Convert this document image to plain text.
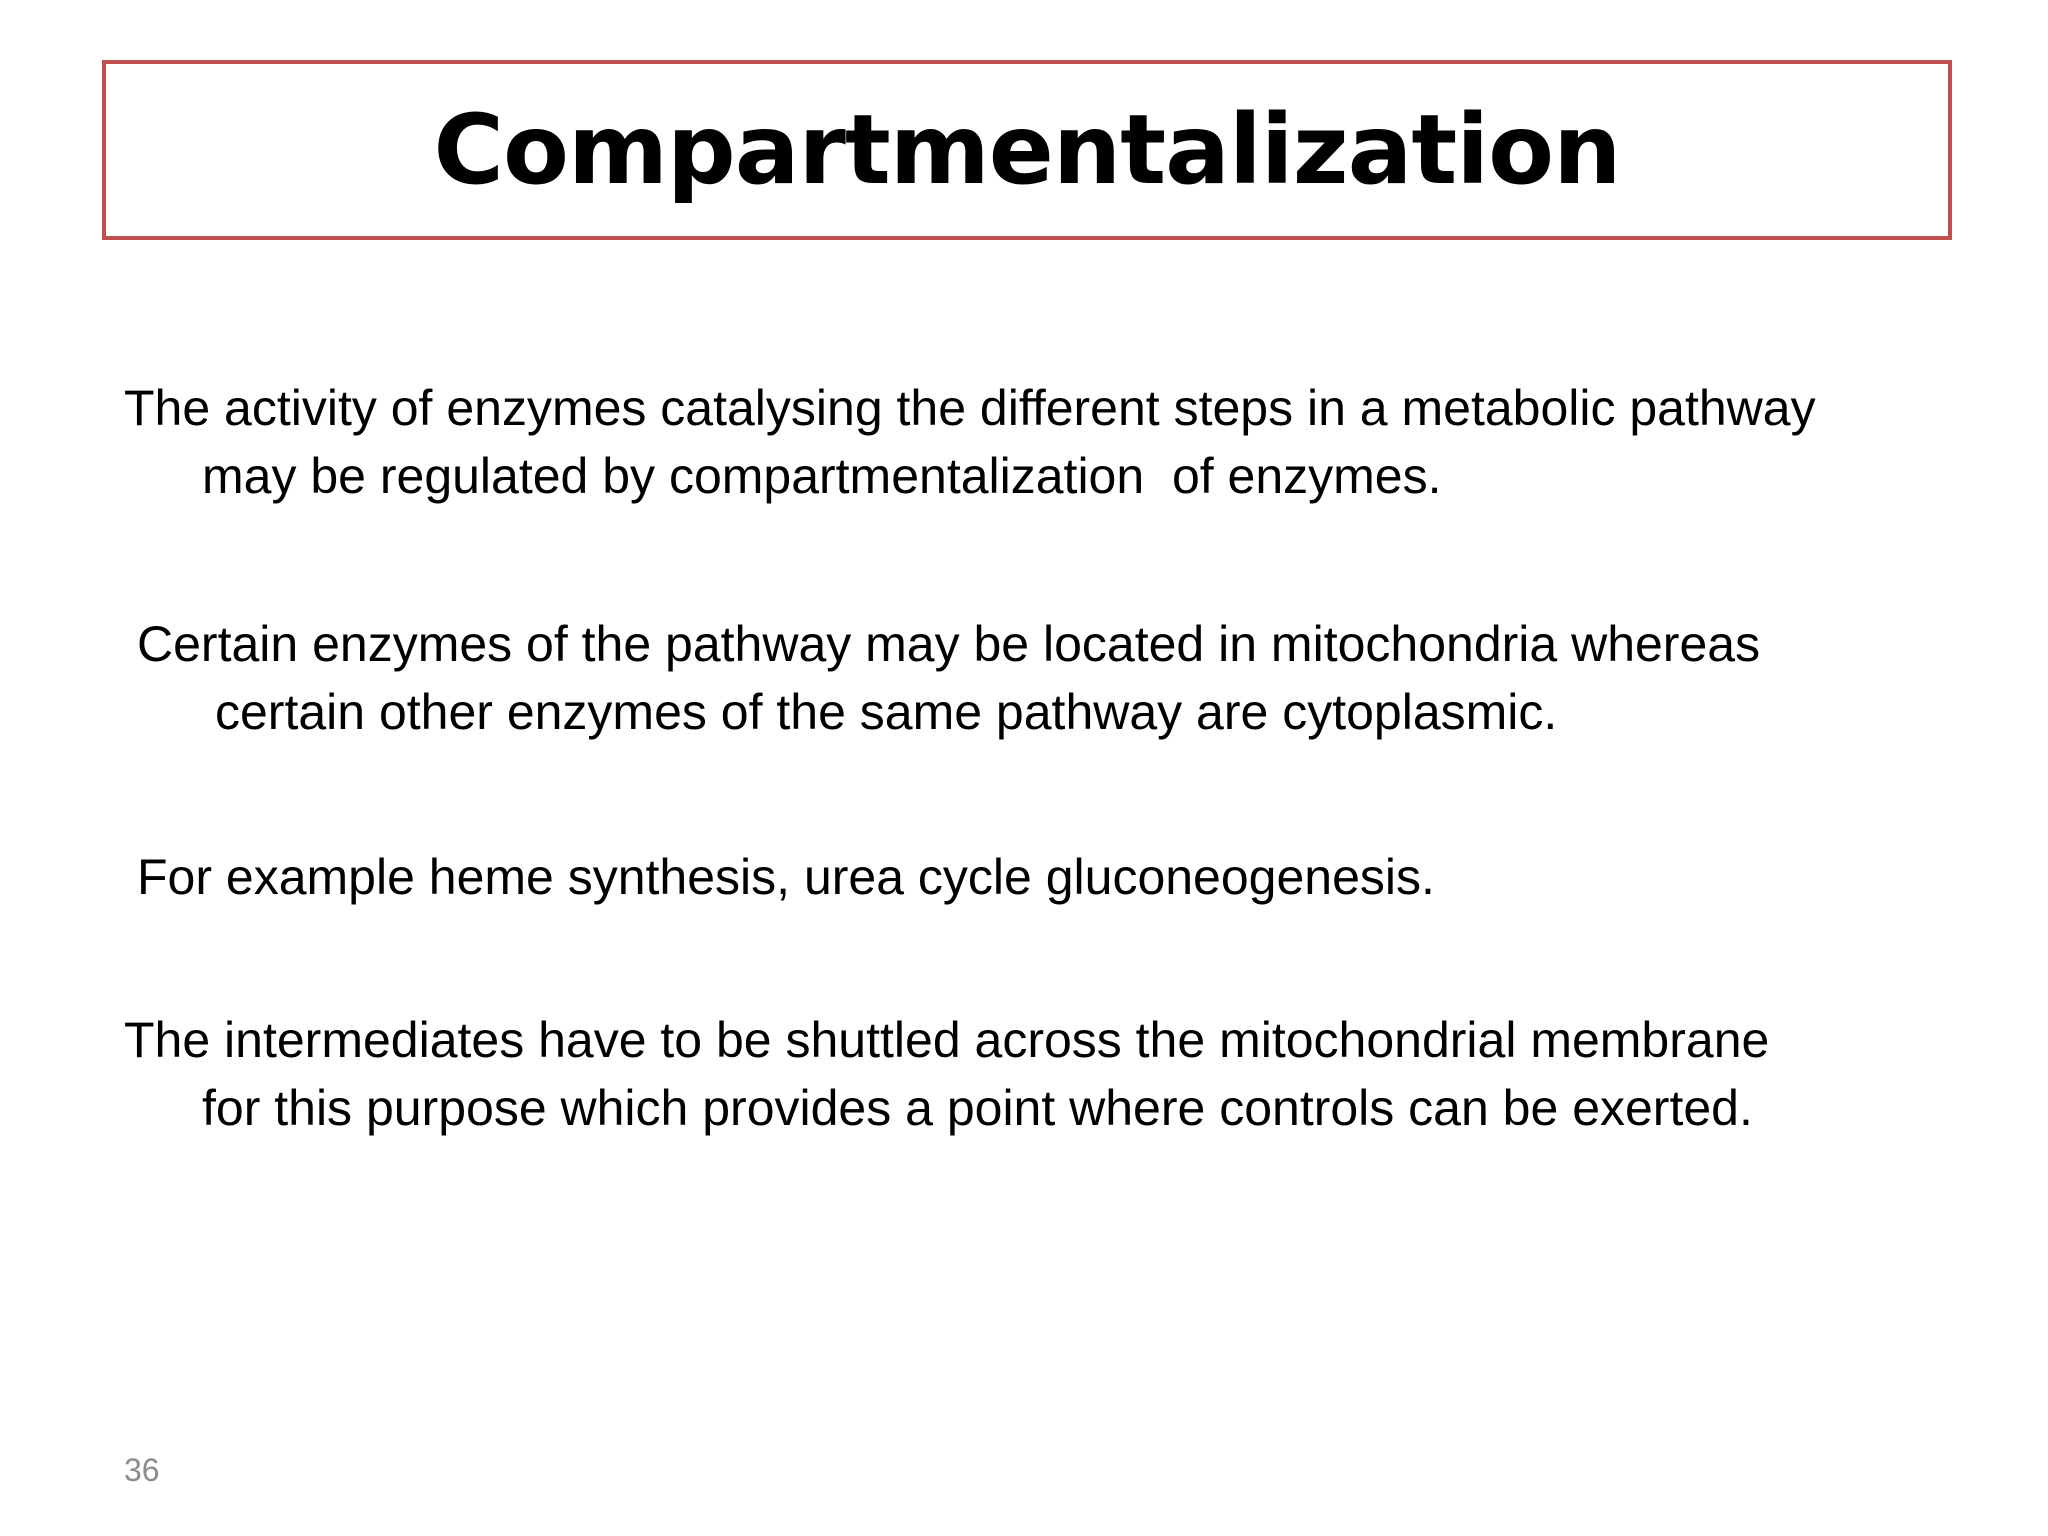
Compartmentalization

The activity of enzymes catalysing the different steps in a metabolic pathway
may be regulated by compartmentalization  of enzymes.

Certain enzymes of the pathway may be located in mitochondria whereas
certain other enzymes of the same pathway are cytoplasmic.

For example heme synthesis, urea cycle gluconeogenesis.

The intermediates have to be shuttled across the mitochondrial membrane
for this purpose which provides a point where controls can be exerted.

36
